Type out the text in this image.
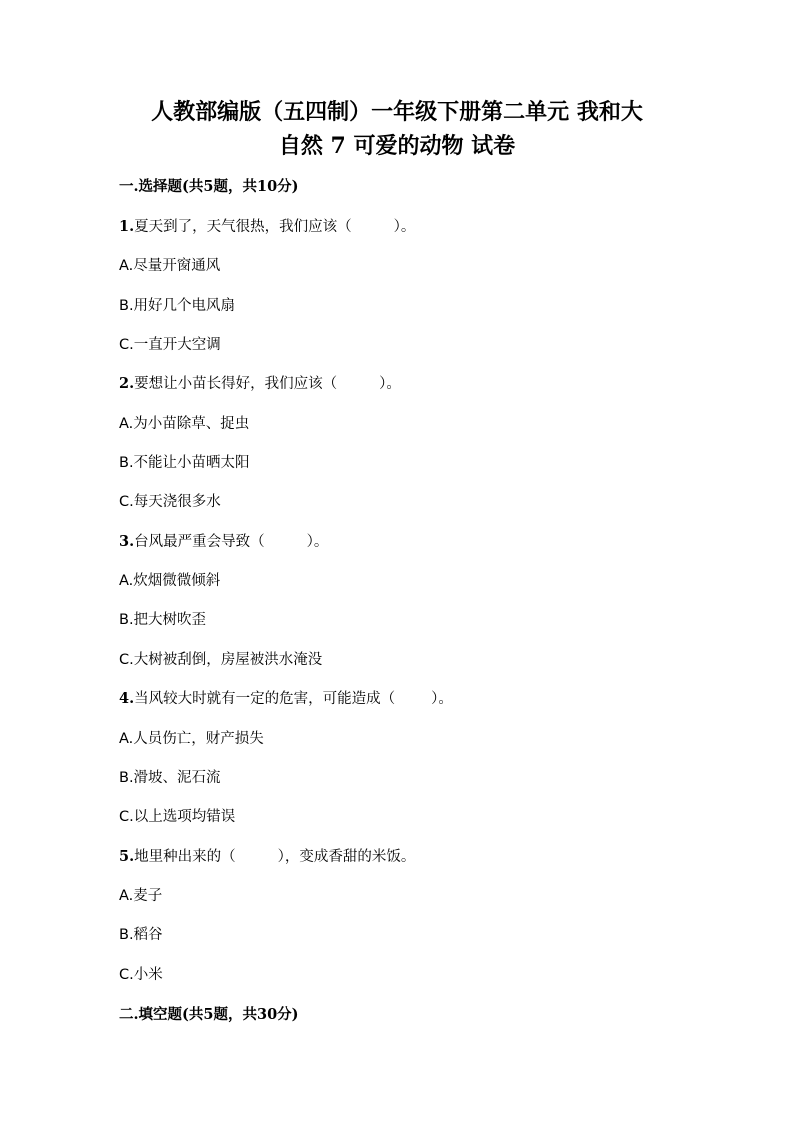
人教部编版（五四制）一年级下册第二单元 我和大
自然 7 可爱的动物 试卷
一.选择题(共5题，共10分)
1.夏天到了，天气很热，我们应该（	）。
A.尽量开窗通风
B.用好几个电风扇
C.一直开大空调
2.要想让小苗长得好，我们应该（	）。
A.为小苗除草、捉虫
B.不能让小苗晒太阳
C.每天浇很多水
3.台风最严重会导致（	）。
A.炊烟微微倾斜
B.把大树吹歪
C.大树被刮倒，房屋被洪水淹没
4.当风较大时就有一定的危害，可能造成（ ）。
A.人员伤亡，财产损失
B.滑坡、泥石流
C.以上选项均错误
5.地里种出来的（	），变成香甜的米饭。
A.麦子
B.稻谷
C.小米
二.填空题(共5题，共30分)
